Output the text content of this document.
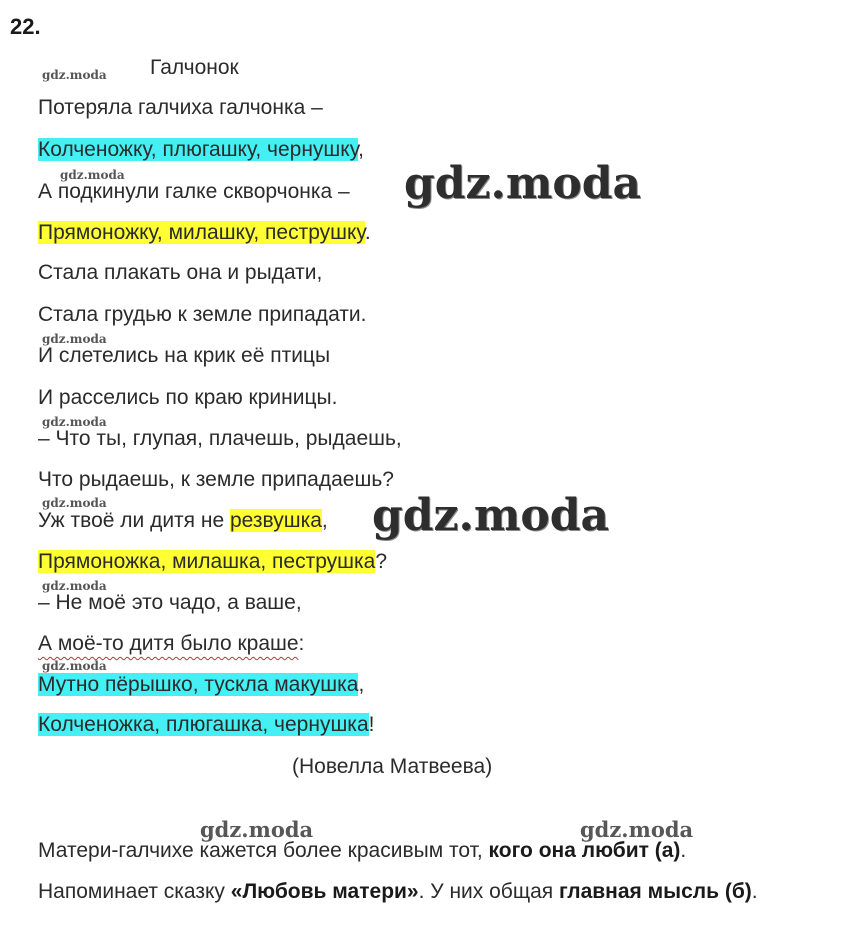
22.
gdz.moda Галчонок
Потеряла галчиха галчонка –
Колченожку, плюгашку, чернушку,
gdz.moda
А подкинули галке скворчонка – gdz.moda
Прямоножку, милашку, пеструшку.
Стала плакать она и рыдати,
Стала грудью к земле припадати.
gdz.moda
И слетелись на крик её птицы
И расселись по краю криницы.
gdz.moda
– Что ты, глупая, плачешь, рыдаешь,
Что рыдаешь, к земле припадаешь?
gdz.moda
Уж твоё ли дитя не резвушка, gdz.moda
Прямоножка, милашка, пеструшка?
gdz.moda
– Не моё это чадо, а ваше,
А моё-то дитя было краше:
gdz.moda
Мутно пёрышко, тускла макушка,
Колченожка, плюгашка, чернушка!
(Новелла Матвеева)
gdz.moda	gdz.moda
Матери-галчихе кажется более красивым тот, кого она любит (а).
Напоминает сказку «Любовь матери». У них общая главная мысль (б).
